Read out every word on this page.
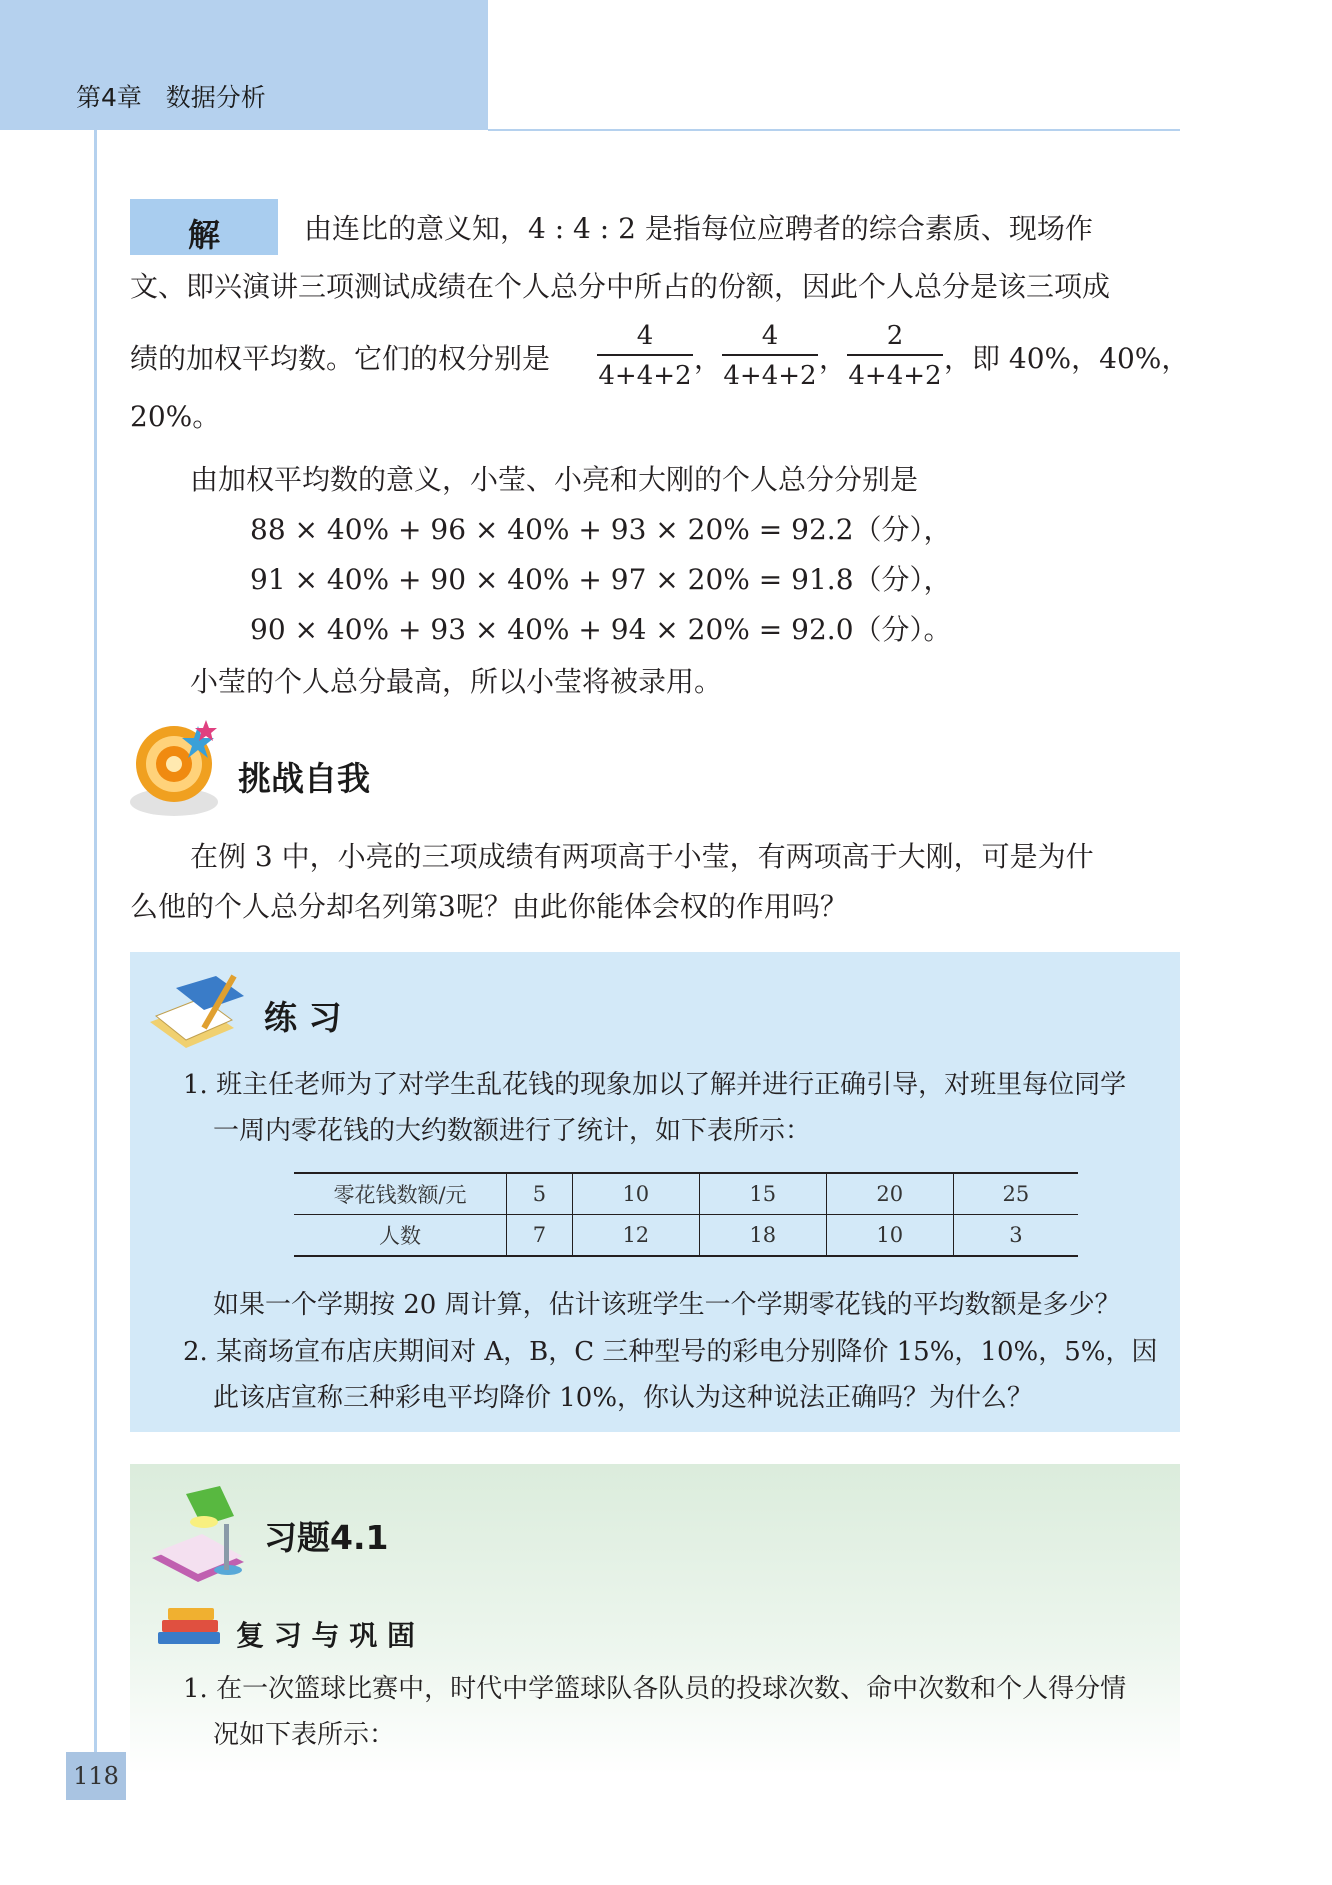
第4章 数据分析
解	由连比的意义知，4 : 4 : 2 是指每位应聘者的综合素质、现场作
文、即兴演讲三项测试成绩在个人总分中所占的份额，因此个人总分是该三项成
绩的加权平均数。它们的权分别是
4
4+4+2
，
4
4+4+2
，
2
4+4+2
，即 40%，40%，
20%。
由加权平均数的意义，小莹、小亮和大刚的个人总分分别是
88 × 40% + 96 × 40% + 93 × 20% = 92.2（分），
91 × 40% + 90 × 40% + 97 × 20% = 91.8（分），
90 × 40% + 93 × 40% + 94 × 20% = 92.0（分）。
小莹的个人总分最高，所以小莹将被录用。
挑战自我
在例 3 中，小亮的三项成绩有两项高于小莹，有两项高于大刚，可是为什
么他的个人总分却名列第3呢？由此你能体会权的作用吗？
练 习
1. 班主任老师为了对学生乱花钱的现象加以了解并进行正确引导，对班里每位同学
一周内零花钱的大约数额进行了统计，如下表所示：
零花钱数额/元	5	10	15	20	25
人数	7	12	18	10	3
如果一个学期按 20 周计算，估计该班学生一个学期零花钱的平均数额是多少？
2. 某商场宣布店庆期间对 A，B，C 三种型号的彩电分别降价 15%，10%，5%，因
此该店宣称三种彩电平均降价 10%，你认为这种说法正确吗？为什么？
习题4.1
复 习 与 巩 固
1. 在一次篮球比赛中，时代中学篮球队各队员的投球次数、命中次数和个人得分情
况如下表所示：
118
